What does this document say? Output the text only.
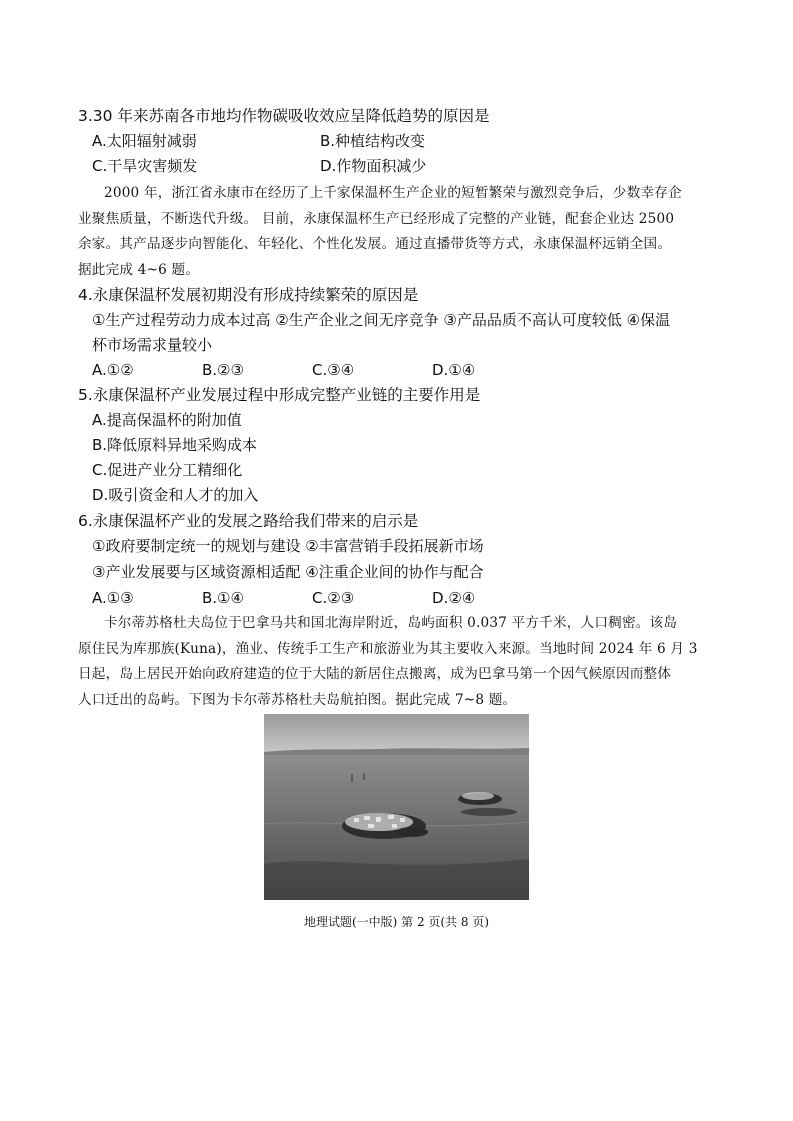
3.30 年来苏南各市地均作物碳吸收效应呈降低趋势的原因是
A.太阳辐射减弱	B.种植结构改变
C.干旱灾害频发	D.作物面积减少

2000 年，浙江省永康市在经历了上千家保温杯生产企业的短暂繁荣与激烈竞争后，少数幸存企

业聚焦质量，不断迭代升级。 目前，永康保温杯生产已经形成了完整的产业链，配套企业达 2500

余家。其产品逐步向智能化、年轻化、个性化发展。通过直播带货等方式，永康保温杯远销全国。

据此完成 4~6 题。

4.永康保温杯发展初期没有形成持续繁荣的原因是
①生产过程劳动力成本过高 ②生产企业之间无序竞争 ③产品品质不高认可度较低 ④保温
杯市场需求量较小
A.①②	B.②③	C.③④	D.①④
5.永康保温杯产业发展过程中形成完整产业链的主要作用是
A.提高保温杯的附加值
B.降低原料异地采购成本
C.促进产业分工精细化
D.吸引资金和人才的加入
6.永康保温杯产业的发展之路给我们带来的启示是
①政府要制定统一的规划与建设 ②丰富营销手段拓展新市场
③产业发展要与区域资源相适配 ④注重企业间的协作与配合
A.①③	B.①④	C.②③	D.②④

卡尔蒂苏格杜夫岛位于巴拿马共和国北海岸附近，岛屿面积 0.037 平方千米，人口稠密。该岛

原住民为库那族(Kuna)，渔业、传统手工生产和旅游业为其主要收入来源。当地时间 2024 年 6 月 3

日起，岛上居民开始向政府建造的位于大陆的新居住点搬离，成为巴拿马第一个因气候原因而整体

人口迁出的岛屿。下图为卡尔蒂苏格杜夫岛航拍图。据此完成 7~8 题。

地理试题(一中版) 第 2 页(共 8 页)
